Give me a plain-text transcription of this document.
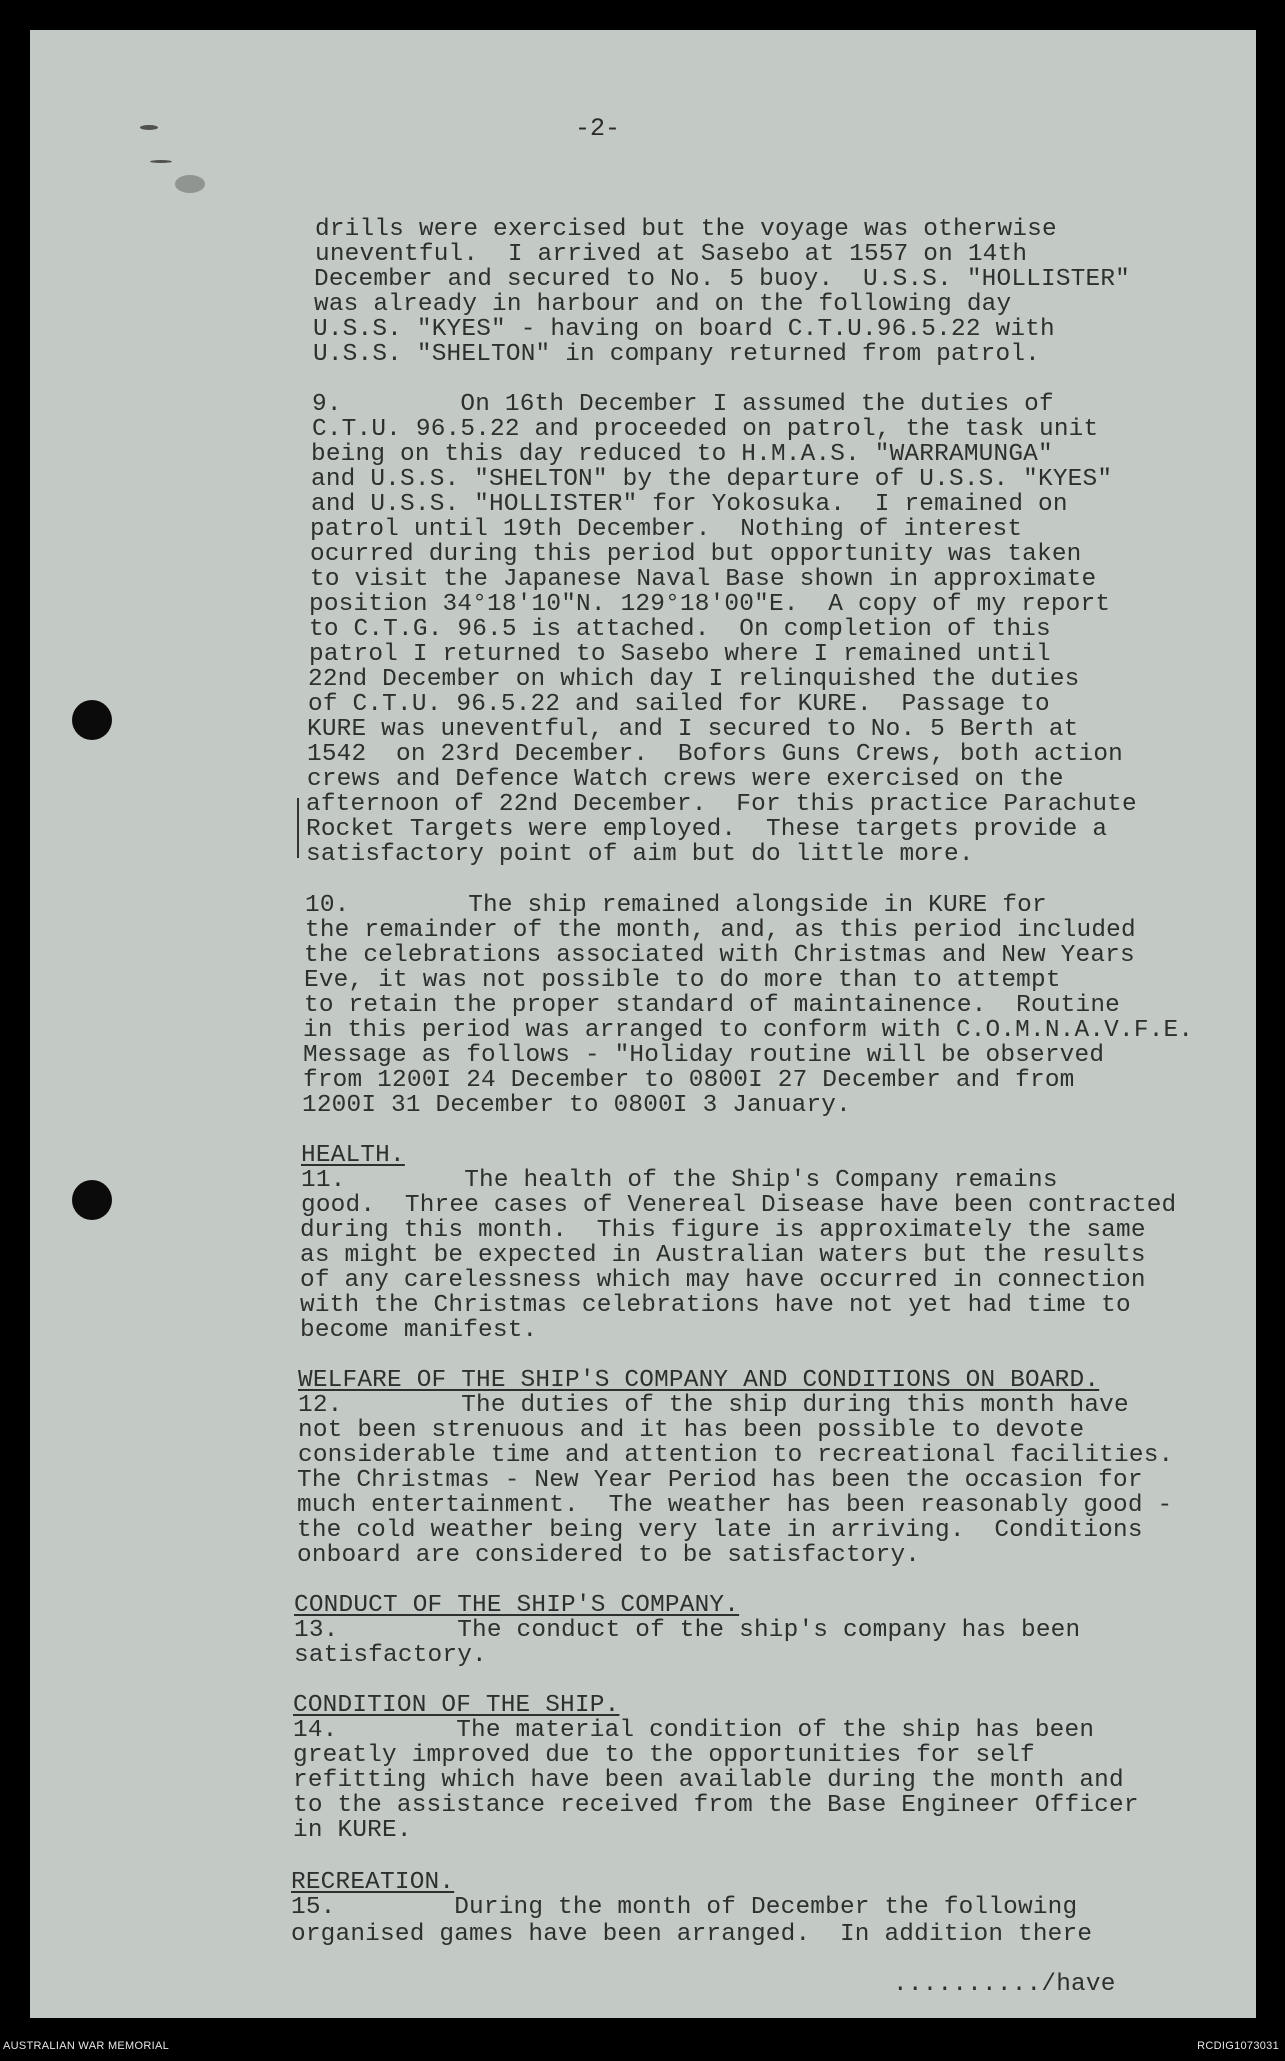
-2-

drills were exercised but the voyage was otherwise

uneventful.  I arrived at Sasebo at 1557 on 14th

December and secured to No. 5 buoy.  U.S.S. "HOLLISTER"

was already in harbour and on the following day

U.S.S. "KYES" - having on board C.T.U.96.5.22 with

U.S.S. "SHELTON" in company returned from patrol.

9.        On 16th December I assumed the duties of

C.T.U. 96.5.22 and proceeded on patrol, the task unit

being on this day reduced to H.M.A.S. "WARRAMUNGA"

and U.S.S. "SHELTON" by the departure of U.S.S. "KYES"

and U.S.S. "HOLLISTER" for Yokosuka.  I remained on

patrol until 19th December.  Nothing of interest

ocurred during this period but opportunity was taken

to visit the Japanese Naval Base shown in approximate

position 34°18'10"N. 129°18'00"E.  A copy of my report

to C.T.G. 96.5 is attached.  On completion of this

patrol I returned to Sasebo where I remained until

22nd December on which day I relinquished the duties

of C.T.U. 96.5.22 and sailed for KURE.  Passage to

KURE was uneventful, and I secured to No. 5 Berth at

1542  on 23rd December.  Bofors Guns Crews, both action

crews and Defence Watch crews were exercised on the

afternoon of 22nd December.  For this practice Parachute

Rocket Targets were employed.  These targets provide a

satisfactory point of aim but do little more.

10.        The ship remained alongside in KURE for

the remainder of the month, and, as this period included

the celebrations associated with Christmas and New Years

Eve, it was not possible to do more than to attempt

to retain the proper standard of maintainence.  Routine

in this period was arranged to conform with C.O.M.N.A.V.F.E.

Message as follows - "Holiday routine will be observed

from 1200I 24 December to 0800I 27 December and from

1200I 31 December to 0800I 3 January.

HEALTH.

11.        The health of the Ship's Company remains

good.  Three cases of Venereal Disease have been contracted

during this month.  This figure is approximately the same

as might be expected in Australian waters but the results

of any carelessness which may have occurred in connection

with the Christmas celebrations have not yet had time to

become manifest.

WELFARE OF THE SHIP'S COMPANY AND CONDITIONS ON BOARD.

12.        The duties of the ship during this month have

not been strenuous and it has been possible to devote

considerable time and attention to recreational facilities.

The Christmas - New Year Period has been the occasion for

much entertainment.  The weather has been reasonably good -

the cold weather being very late in arriving.  Conditions

onboard are considered to be satisfactory.

CONDUCT OF THE SHIP'S COMPANY.

13.        The conduct of the ship's company has been

satisfactory.

CONDITION OF THE SHIP.

14.        The material condition of the ship has been

greatly improved due to the opportunities for self

refitting which have been available during the month and

to the assistance received from the Base Engineer Officer

in KURE.

RECREATION.

15.        During the month of December the following

organised games have been arranged.  In addition there

........../have

AUSTRALIAN WAR MEMORIAL	RCDIG1073031
